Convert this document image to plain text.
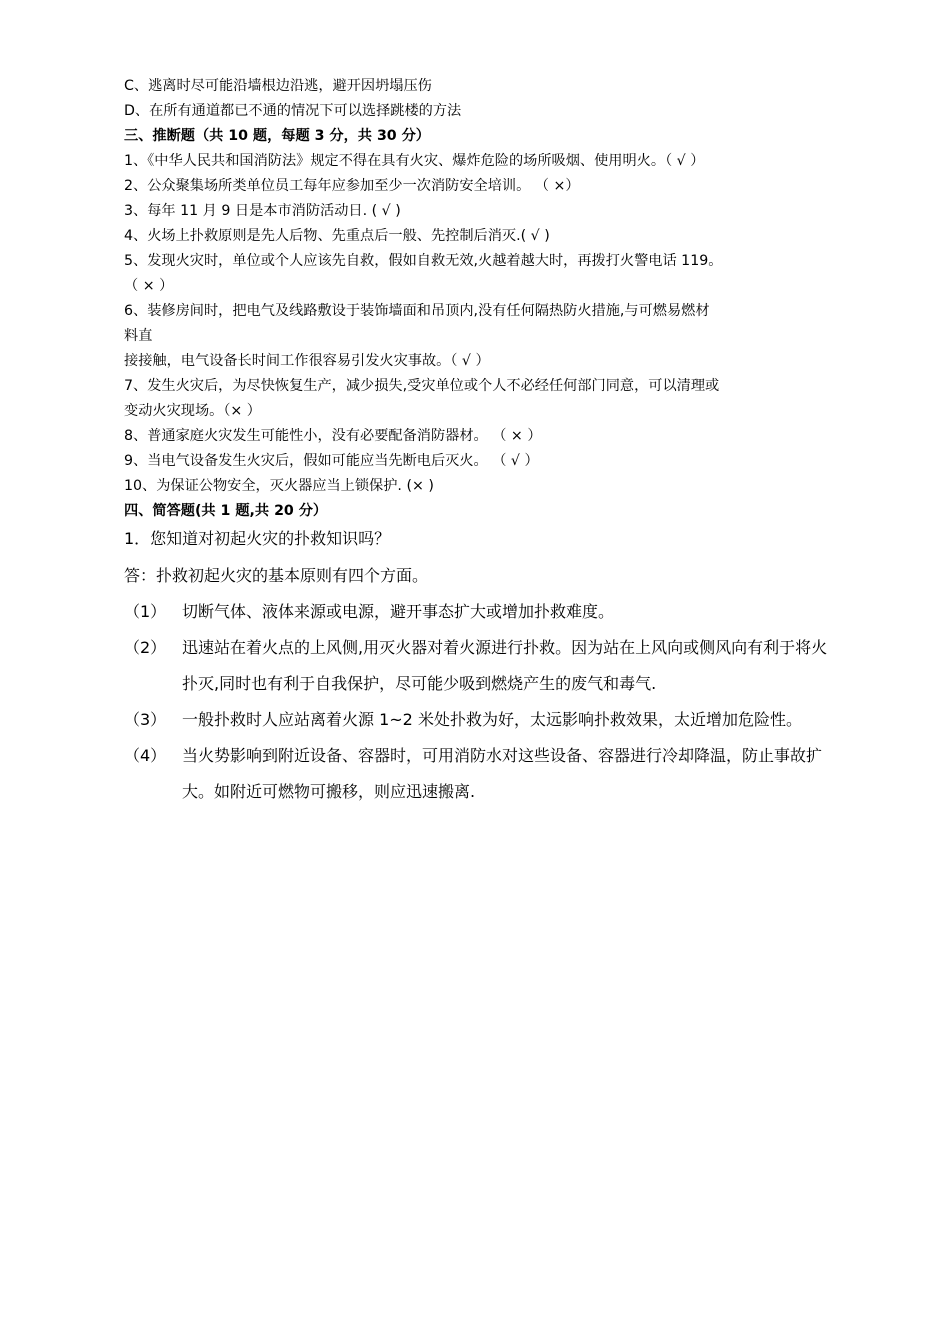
C、逃离时尽可能沿墙根边沿逃，避开因坍塌压伤
D、在所有通道都已不通的情况下可以选择跳楼的方法
三、推断题（共 10 题，每题 3 分，共 30 分）
1、《中华人民共和国消防法》规定不得在具有火灾、爆炸危险的场所吸烟、使用明火。（ √ ）
2、公众聚集场所类单位员工每年应参加至少一次消防安全培训。 （ ×）
3、每年 11 月 9 日是本市消防活动日. ( √ )
4、火场上扑救原则是先人后物、先重点后一般、先控制后消灭.( √ )
5、发现火灾时，单位或个人应该先自救，假如自救无效,火越着越大时，再拨打火警电话 119。
（ × ）
6、装修房间时，把电气及线路敷设于装饰墙面和吊顶内,没有任何隔热防火措施,与可燃易燃材
料直
接接触，电气设备长时间工作很容易引发火灾事故。（ √ ）
7、发生火灾后，为尽快恢复生产，减少损失,受灾单位或个人不必经任何部门同意，可以清理或
变动火灾现场。（× ）
8、普通家庭火灾发生可能性小，没有必要配备消防器材。 （ × ）
9、当电气设备发生火灾后，假如可能应当先断电后灭火。 （ √ ）
10、为保证公物安全，灭火器应当上锁保护. (× )
四、简答题(共 1 题,共 20 分）
1．您知道对初起火灾的扑救知识吗？
答：扑救初起火灾的基本原则有四个方面。
（1） 切断气体、液体来源或电源，避开事态扩大或增加扑救难度。
（2） 迅速站在着火点的上风侧,用灭火器对着火源进行扑救。因为站在上风向或侧风向有利于将火扑灭,同时也有利于自我保护，尽可能少吸到燃烧产生的废气和毒气.
（3） 一般扑救时人应站离着火源 1~2 米处扑救为好，太远影响扑救效果，太近增加危险性。
（4） 当火势影响到附近设备、容器时，可用消防水对这些设备、容器进行冷却降温，防止事故扩大。如附近可燃物可搬移，则应迅速搬离.
